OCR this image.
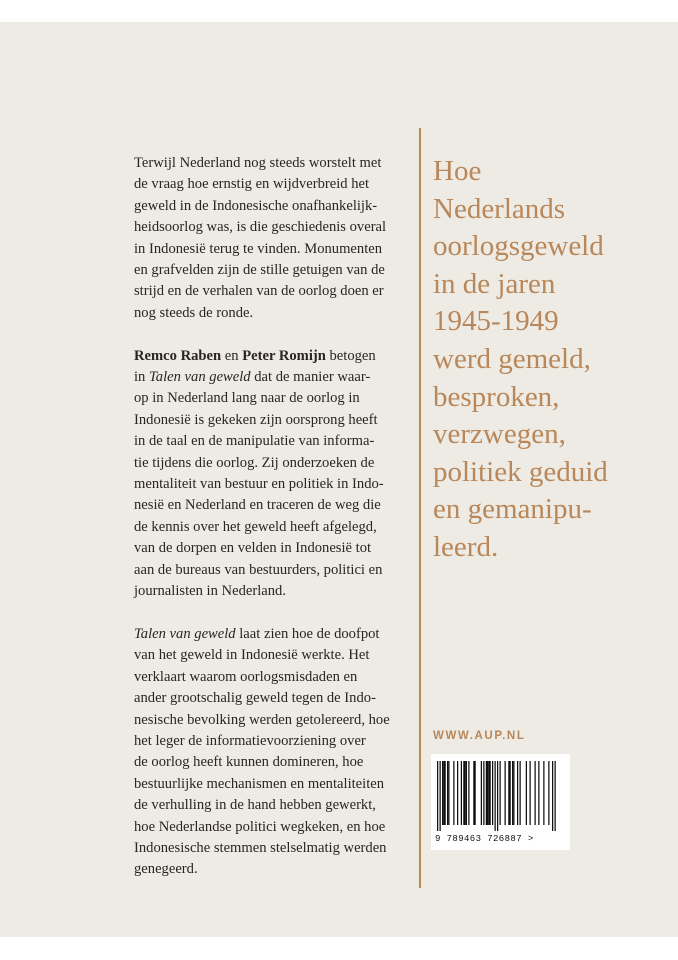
Terwijl Nederland nog steeds worstelt met
de vraag hoe ernstig en wijdverbreid het
geweld in de Indonesische onafhankelijk-
heidsoorlog was, is die geschiedenis overal
in Indonesië terug te vinden. Monumenten
en grafvelden zijn de stille getuigen van de
strijd en de verhalen van de oorlog doen er
nog steeds de ronde.

Remco Raben en Peter Romijn betogen
in Talen van geweld dat de manier waar-
op in Nederland lang naar de oorlog in
Indonesië is gekeken zijn oorsprong heeft
in de taal en de manipulatie van informa-
tie tijdens die oorlog. Zij onderzoeken de
mentaliteit van bestuur en politiek in Indo-
nesië en Nederland en traceren de weg die
de kennis over het geweld heeft afgelegd,
van de dorpen en velden in Indonesië tot
aan de bureaus van bestuurders, politici en
journalisten in Nederland.

Talen van geweld laat zien hoe de doofpot
van het geweld in Indonesië werkte. Het
verklaart waarom oorlogsmisdaden en
ander grootschalig geweld tegen de Indo-
nesische bevolking werden getolereerd, hoe
het leger de informatievoorziening over
de oorlog heeft kunnen domineren, hoe
bestuurlijke mechanismen en mentaliteiten
de verhulling in de hand hebben gewerkt,
hoe Nederlandse politici wegkeken, en hoe
Indonesische stemmen stelselmatig werden
genegeerd.

Hoe
Nederlands
oorlogsgeweld
in de jaren
1945-1949
werd gemeld,
besproken,
verzwegen,
politiek geduid
en gemanipu-
leerd.
WWW.AUP.NL
9 789463 726887 >
